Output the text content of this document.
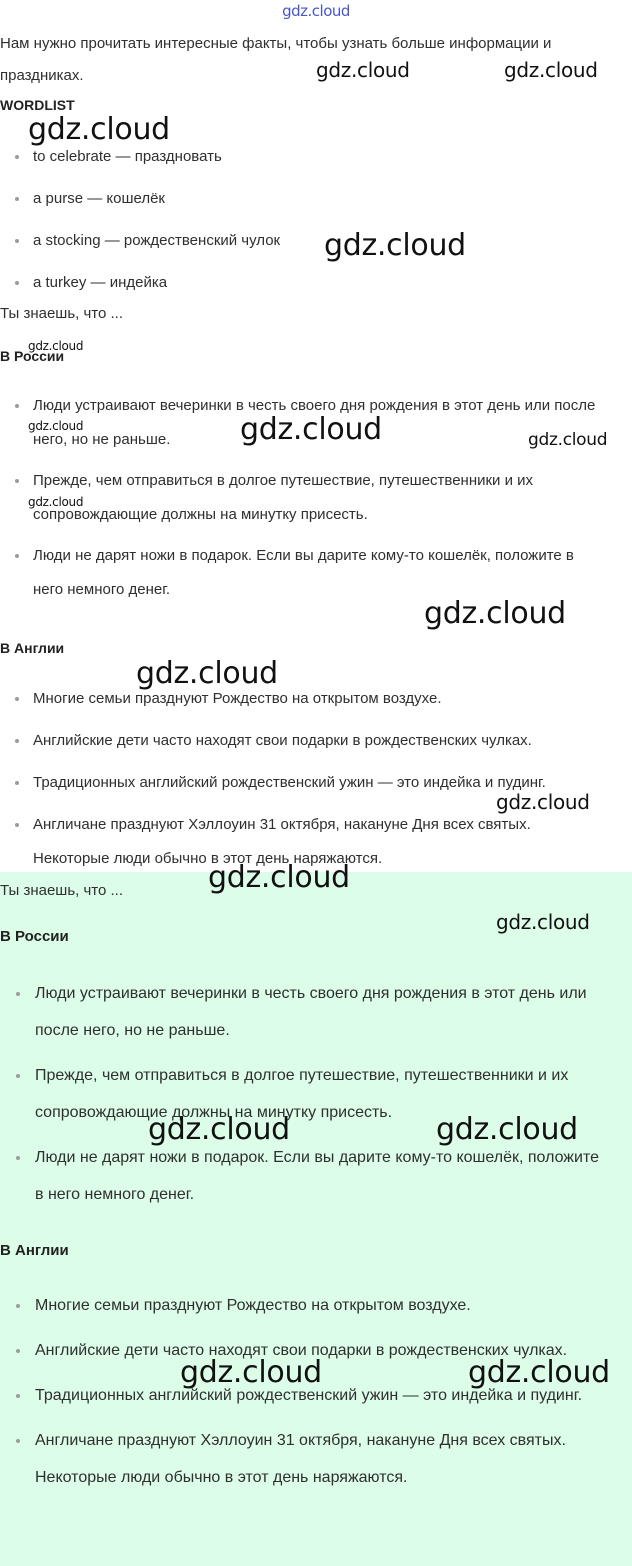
gdz.cloud

Нам нужно прочитать интересные факты, чтобы узнать больше информации и праздниках.

WORDLIST
to celebrate — праздновать
a purse — кошелёк
a stocking — рождественский чулок
a turkey — индейка
Ты знаешь, что ...
В России
Люди устраивают вечеринки в честь своего дня рождения в этот день или после него, но не раньше.
Прежде, чем отправиться в долгое путешествие, путешественники и их сопровождающие должны на минутку присесть.
Люди не дарят ножи в подарок. Если вы дарите кому-то кошелёк, положите в него немного денег.
В Англии
Многие семьи празднуют Рождество на открытом воздухе.
Английские дети часто находят свои подарки в рождественских чулках.
Традиционных английский рождественский ужин — это индейка и пудинг.
Англичане празднуют Хэллоуин 31 октября, накануне Дня всех святых. Некоторые люди обычно в этот день наряжаются.
Ты знаешь, что ...
В России
Люди устраивают вечеринки в честь своего дня рождения в этот день или после него, но не раньше.
Прежде, чем отправиться в долгое путешествие, путешественники и их сопровождающие должны на минутку присесть.
Люди не дарят ножи в подарок. Если вы дарите кому-то кошелёк, положите в него немного денег.
В Англии
Многие семьи празднуют Рождество на открытом воздухе.
Английские дети часто находят свои подарки в рождественских чулках.
Традиционных английский рождественский ужин — это индейка и пудинг.
Англичане празднуют Хэллоуин 31 октября, накануне Дня всех святых. Некоторые люди обычно в этот день наряжаются.
gdz.cloud	gdz.cloud
gdz.cloud
gdz.cloud
gdz.cloud
gdz.cloud	gdz.cloud	gdz.cloud
gdz.cloud
gdz.cloud
gdz.cloud
gdz.cloud
gdz.cloud
gdz.cloud
gdz.cloud	gdz.cloud
gdz.cloud	gdz.cloud
